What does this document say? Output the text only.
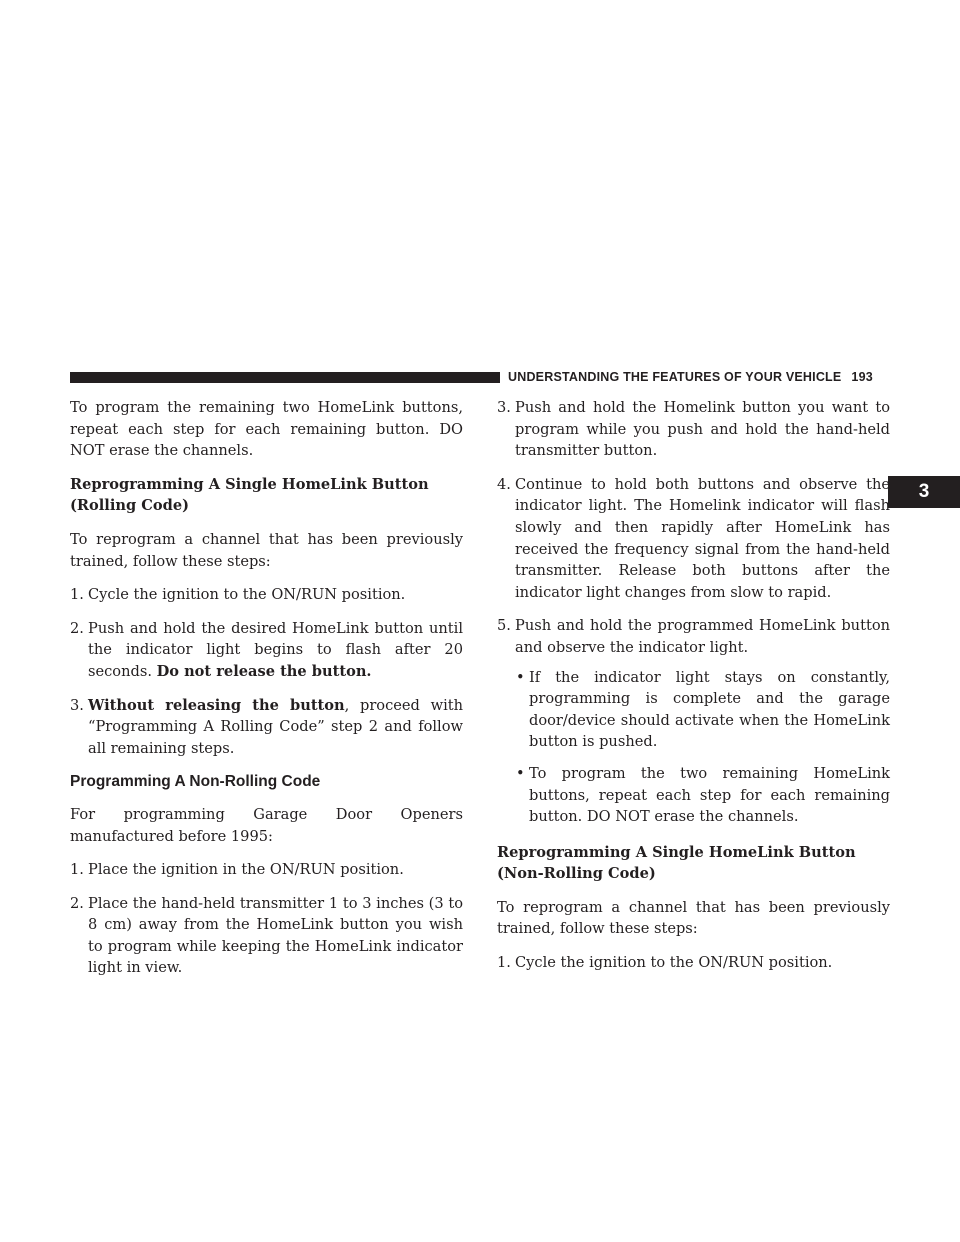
UNDERSTANDING THE FEATURES OF YOUR VEHICLE 193
3

To program the remaining two HomeLink buttons, repeat each step for each remaining button. DO NOT erase the channels.

Reprogramming A Single HomeLink Button (Rolling Code)

To reprogram a channel that has been previously trained, follow these steps:

1. Cycle the ignition to the ON/RUN position.
2. Push and hold the desired HomeLink button until the indicator light begins to flash after 20 seconds. Do not release the button.
3. Without releasing the button, proceed with “Programming A Rolling Code” step 2 and follow all remaining steps.
Programming A Non-Rolling Code

For programming Garage Door Openers manufactured before 1995:

1. Place the ignition in the ON/RUN position.
2. Place the hand-held transmitter 1 to 3 inches (3 to 8 cm) away from the HomeLink button you wish to program while keeping the HomeLink indicator light in view.
3. Push and hold the Homelink button you want to program while you push and hold the hand-held transmitter button.
4. Continue to hold both buttons and observe the indicator light. The Homelink indicator will flash slowly and then rapidly after HomeLink has received the frequency signal from the hand-held transmitter. Release both buttons after the indicator light changes from slow to rapid.
5. Push and hold the programmed HomeLink button and observe the indicator light.
• If the indicator light stays on constantly, programming is complete and the garage door/device should activate when the HomeLink button is pushed.
• To program the two remaining HomeLink buttons, repeat each step for each remaining button. DO NOT erase the channels.

Reprogramming A Single HomeLink Button
(Non-Rolling Code)

To reprogram a channel that has been previously trained, follow these steps:

1. Cycle the ignition to the ON/RUN position.
